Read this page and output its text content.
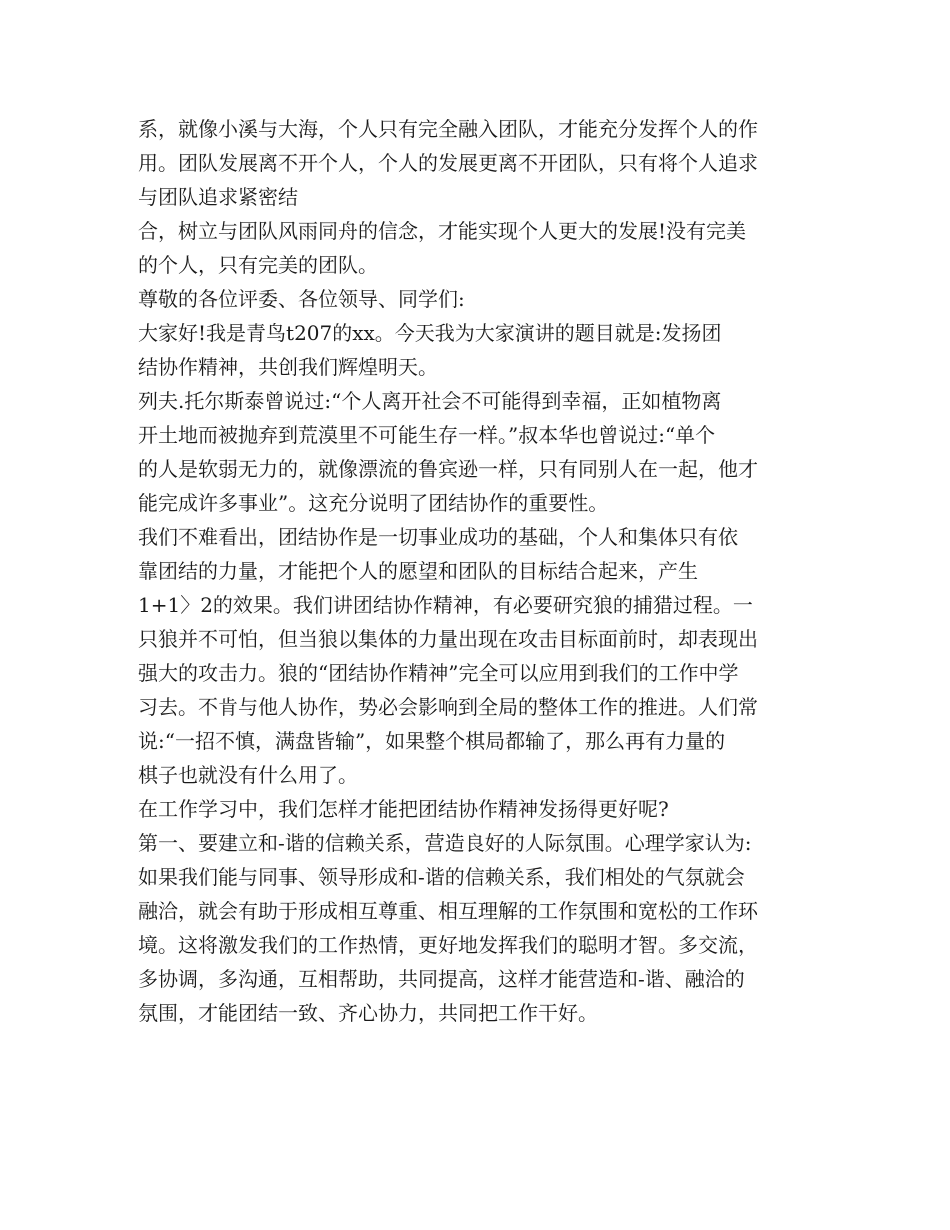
系，就像小溪与大海，个人只有完全融入团队，才能充分发挥个人的作
用。团队发展离不开个人，个人的发展更离不开团队，只有将个人追求
与团队追求紧密结
合，树立与团队风雨同舟的信念，才能实现个人更大的发展!没有完美
的个人，只有完美的团队。
尊敬的各位评委、各位领导、同学们:
大家好!我是青鸟t207的xx。今天我为大家演讲的题目就是:发扬团
结协作精神，共创我们辉煌明天。
列夫.托尔斯泰曾说过:“个人离开社会不可能得到幸福，正如植物离
开土地而被抛弃到荒漠里不可能生存一样。”叔本华也曾说过:“单个
的人是软弱无力的，就像漂流的鲁宾逊一样，只有同别人在一起，他才
能完成许多事业”。这充分说明了团结协作的重要性。
我们不难看出，团结协作是一切事业成功的基础，个人和集体只有依
靠团结的力量，才能把个人的愿望和团队的目标结合起来，产生
1+1〉2的效果。我们讲团结协作精神，有必要研究狼的捕猎过程。一
只狼并不可怕，但当狼以集体的力量出现在攻击目标面前时，却表现出
强大的攻击力。狼的“团结协作精神”完全可以应用到我们的工作中学
习去。不肯与他人协作，势必会影响到全局的整体工作的推进。人们常
说:“一招不慎，满盘皆输”，如果整个棋局都输了，那么再有力量的
棋子也就没有什么用了。
在工作学习中，我们怎样才能把团结协作精神发扬得更好呢?
第一、要建立和-谐的信赖关系，营造良好的人际氛围。心理学家认为:
如果我们能与同事、领导形成和-谐的信赖关系，我们相处的气氛就会
融洽，就会有助于形成相互尊重、相互理解的工作氛围和宽松的工作环
境。这将激发我们的工作热情，更好地发挥我们的聪明才智。多交流，
多协调，多沟通，互相帮助，共同提高，这样才能营造和-谐、融洽的
氛围，才能团结一致、齐心协力，共同把工作干好。
